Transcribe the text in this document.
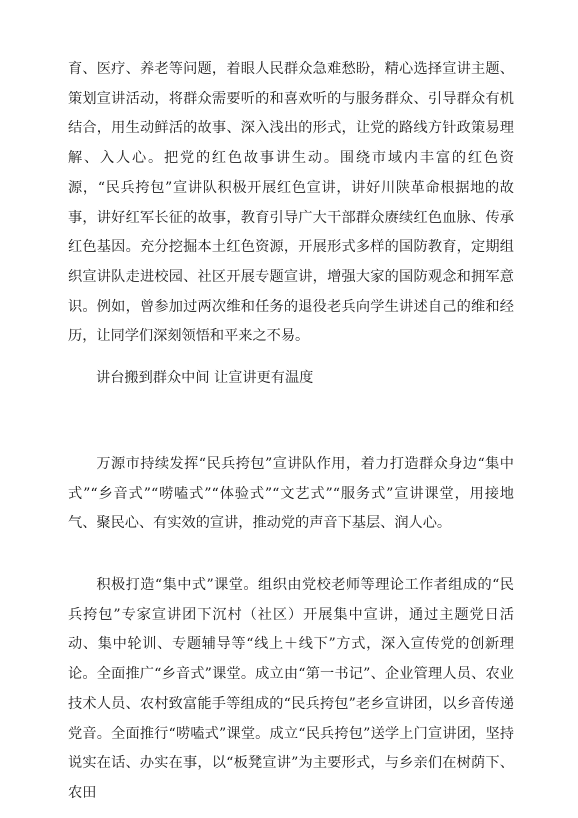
育、医疗、养老等问题，着眼人民群众急难愁盼，精心选择宣讲主题、策划宣讲活动，将群众需要听的和喜欢听的与服务群众、引导群众有机结合，用生动鲜活的故事、深入浅出的形式，让党的路线方针政策易理解、入人心。把党的红色故事讲生动。围绕市域内丰富的红色资源，“民兵挎包”宣讲队积极开展红色宣讲，讲好川陕革命根据地的故事，讲好红军长征的故事，教育引导广大干部群众赓续红色血脉、传承红色基因。充分挖掘本土红色资源，开展形式多样的国防教育，定期组织宣讲队走进校园、社区开展专题宣讲，增强大家的国防观念和拥军意识。例如，曾参加过两次维和任务的退役老兵向学生讲述自己的维和经历，让同学们深刻领悟和平来之不易。

讲台搬到群众中间 让宣讲更有温度

万源市持续发挥“民兵挎包”宣讲队作用，着力打造群众身边“集中式”“乡音式”“唠嗑式”“体验式”“文艺式”“服务式”宣讲课堂，用接地气、聚民心、有实效的宣讲，推动党的声音下基层、润人心。

积极打造“集中式”课堂。组织由党校老师等理论工作者组成的“民兵挎包”专家宣讲团下沉村（社区）开展集中宣讲，通过主题党日活动、集中轮训、专题辅导等“线上＋线下”方式，深入宣传党的创新理论。全面推广“乡音式”课堂。成立由“第一书记”、企业管理人员、农业技术人员、农村致富能手等组成的“民兵挎包”老乡宣讲团，以乡音传递党音。全面推行“唠嗑式”课堂。成立“民兵挎包”送学上门宣讲团，坚持说实在话、办实在事，以“板凳宣讲”为主要形式，与乡亲们在树荫下、农田
